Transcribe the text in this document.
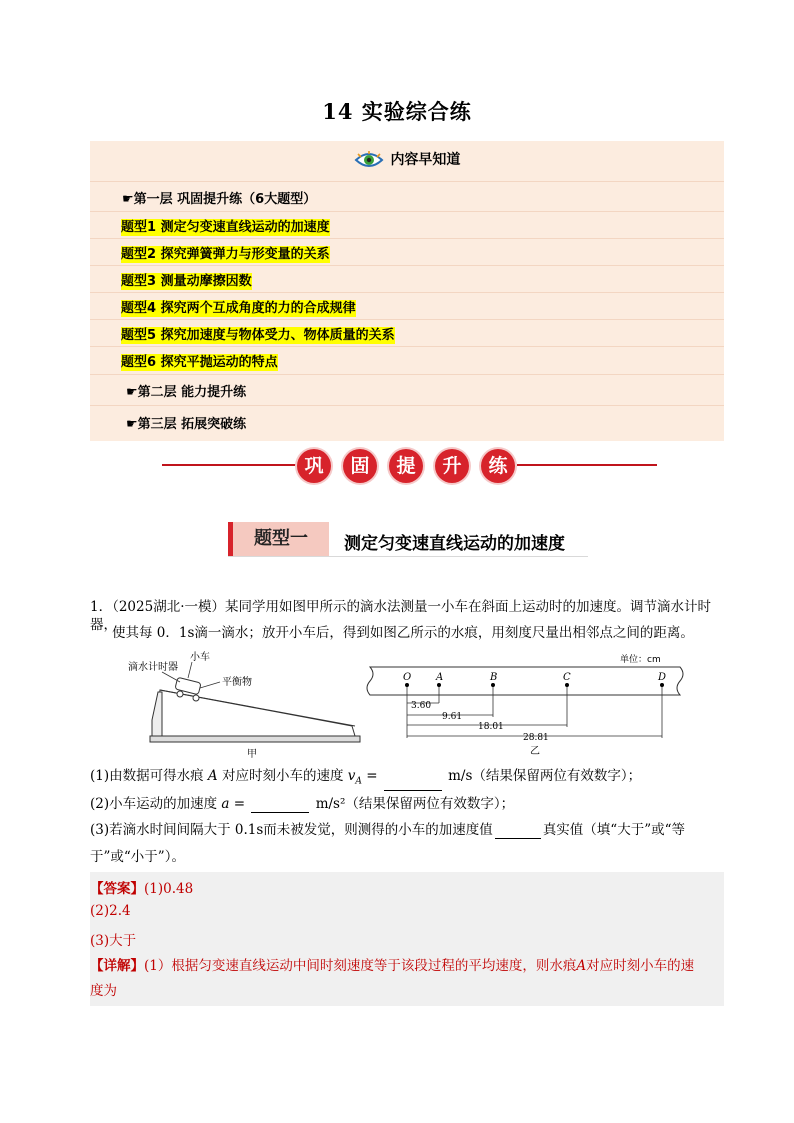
14 实验综合练
内容早知道
☛第一层 巩固提升练（6大题型）
题型1 测定匀变速直线运动的加速度
题型2 探究弹簧弹力与形变量的关系
题型3 测量动摩擦因数
题型4 探究两个互成角度的力的合成规律
题型5 探究加速度与物体受力、物体质量的关系
题型6 探究平抛运动的特点
☛第二层 能力提升练
☛第三层 拓展突破练
巩	固	提	升	练
题型一	测定匀变速直线运动的加速度
1．（2025湖北·一模）某同学用如图甲所示的滴水法测量一小车在斜面上运动时的加速度。调节滴水计时器，
使其每 0．1s滴一滴水；放开小车后，得到如图乙所示的水痕，用刻度尺量出相邻点之间的距离。
滴水计时器
小车
平衡物
甲
O A	B	C	D
单位：cm
3.60
9.61
18.01
28.81
乙
(1)由数据可得水痕 A 对应时刻小车的速度 $v_A$ =	m/s（结果保留两位有效数字）；
(2)小车运动的加速度 a =	m/s²（结果保留两位有效数字）；
(3)若滴水时间间隔大于 0.1s而未被发觉，则测得的小车的加速度值	真实值（填“大于”或“等
于”或“小于”）。
【答案】(1)0.48
(2)2.4
(3)大于
【详解】(1）根据匀变速直线运动中间时刻速度等于该段过程的平均速度，则水痕A对应时刻小车的速
度为
